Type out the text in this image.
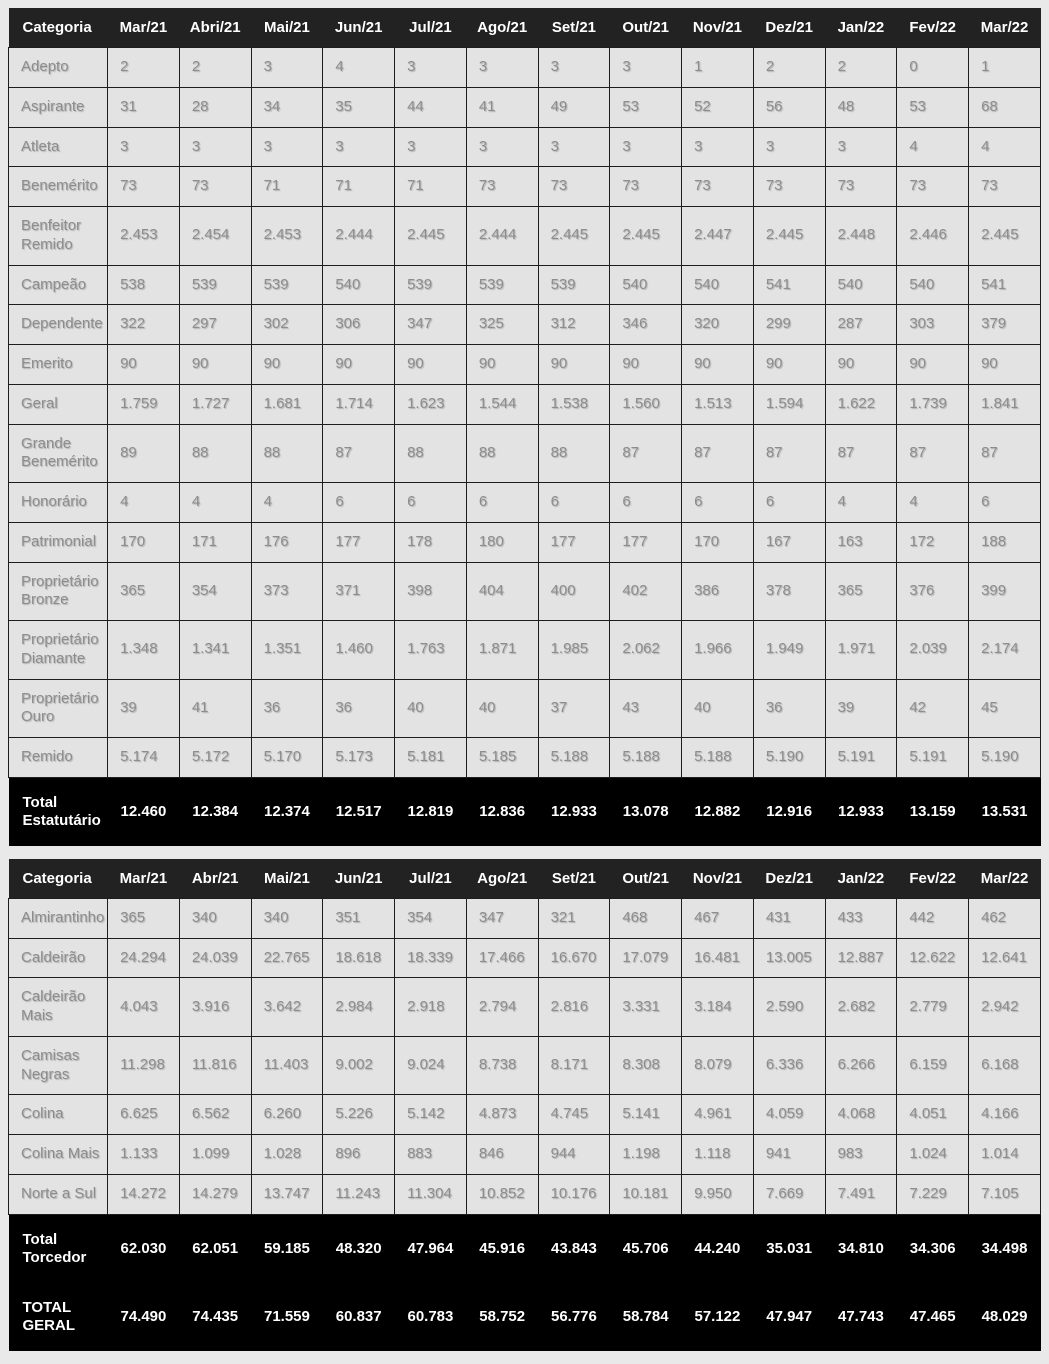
Categoria	Mar/21	Abri/21	Mai/21	Jun/21	Jul/21	Ago/21	Set/21	Out/21	Nov/21	Dez/21	Jan/22	Fev/22	Mar/22
Adepto	2	2	3	4	3	3	3	3	1	2	2	0	1
Aspirante	31	28	34	35	44	41	49	53	52	56	48	53	68
Atleta	3	3	3	3	3	3	3	3	3	3	3	4	4
Benemérito	73	73	71	71	71	73	73	73	73	73	73	73	73
Benfeitor Remido	2.453	2.454	2.453	2.444	2.445	2.444	2.445	2.445	2.447	2.445	2.448	2.446	2.445
Campeão	538	539	539	540	539	539	539	540	540	541	540	540	541
Dependente	322	297	302	306	347	325	312	346	320	299	287	303	379
Emerito	90	90	90	90	90	90	90	90	90	90	90	90	90
Geral	1.759	1.727	1.681	1.714	1.623	1.544	1.538	1.560	1.513	1.594	1.622	1.739	1.841
Grande Benemérito	89	88	88	87	88	88	88	87	87	87	87	87	87
Honorário	4	4	4	6	6	6	6	6	6	6	4	4	6
Patrimonial	170	171	176	177	178	180	177	177	170	167	163	172	188
Proprietário Bronze	365	354	373	371	398	404	400	402	386	378	365	376	399
Proprietário Diamante	1.348	1.341	1.351	1.460	1.763	1.871	1.985	2.062	1.966	1.949	1.971	2.039	2.174
Proprietário Ouro	39	41	36	36	40	40	37	43	40	36	39	42	45
Remido	5.174	5.172	5.170	5.173	5.181	5.185	5.188	5.188	5.188	5.190	5.191	5.191	5.190
Total Estatutário	12.460	12.384	12.374	12.517	12.819	12.836	12.933	13.078	12.882	12.916	12.933	13.159	13.531
Categoria	Mar/21	Abr/21	Mai/21	Jun/21	Jul/21	Ago/21	Set/21	Out/21	Nov/21	Dez/21	Jan/22	Fev/22	Mar/22
Almirantinho	365	340	340	351	354	347	321	468	467	431	433	442	462
Caldeirão	24.294	24.039	22.765	18.618	18.339	17.466	16.670	17.079	16.481	13.005	12.887	12.622	12.641
Caldeirão Mais	4.043	3.916	3.642	2.984	2.918	2.794	2.816	3.331	3.184	2.590	2.682	2.779	2.942
Camisas Negras	11.298	11.816	11.403	9.002	9.024	8.738	8.171	8.308	8.079	6.336	6.266	6.159	6.168
Colina	6.625	6.562	6.260	5.226	5.142	4.873	4.745	5.141	4.961	4.059	4.068	4.051	4.166
Colina Mais	1.133	1.099	1.028	896	883	846	944	1.198	1.118	941	983	1.024	1.014
Norte a Sul	14.272	14.279	13.747	11.243	11.304	10.852	10.176	10.181	9.950	7.669	7.491	7.229	7.105
Total Torcedor	62.030	62.051	59.185	48.320	47.964	45.916	43.843	45.706	44.240	35.031	34.810	34.306	34.498
TOTAL GERAL	74.490	74.435	71.559	60.837	60.783	58.752	56.776	58.784	57.122	47.947	47.743	47.465	48.029
